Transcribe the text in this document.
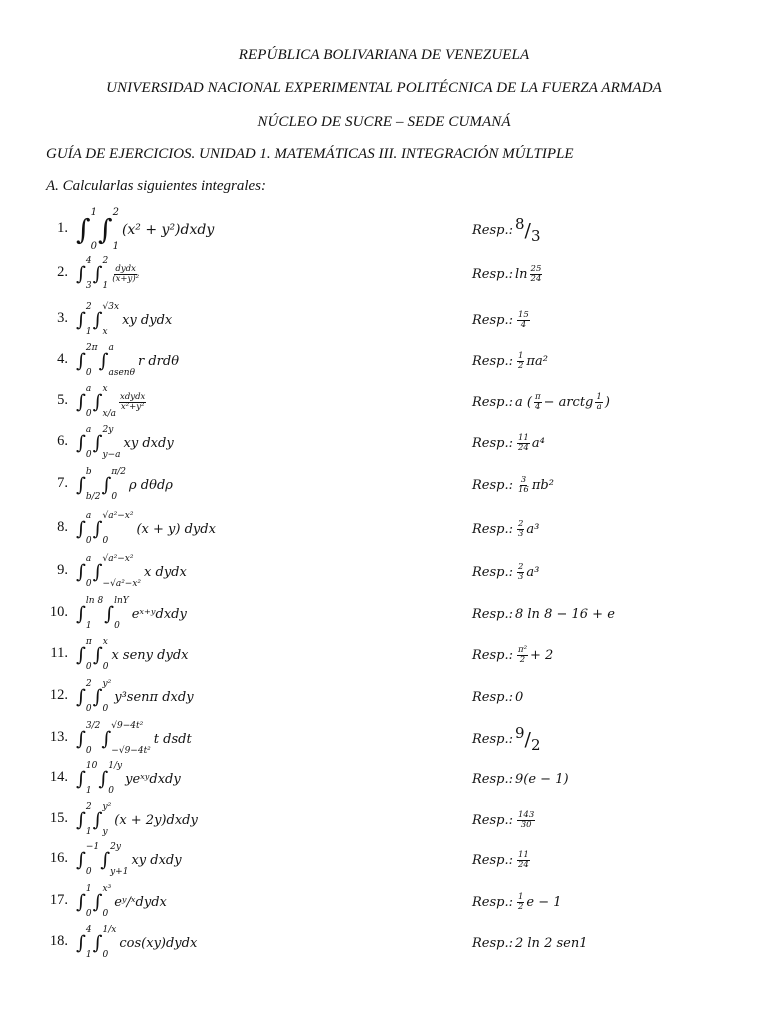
REPÚBLICA BOLIVARIANA DE VENEZUELA
UNIVERSIDAD NACIONAL EXPERIMENTAL POLITÉCNICA DE LA FUERZA ARMADA
NÚCLEO DE SUCRE – SEDE CUMANÁ
GUÍA DE EJERCICIOS. UNIDAD 1. MATEMÁTICAS III. INTEGRACIÓN MÚLTIPLE
A. Calcularlas siguientes integrales:
1. ∫
1
0
∫
2
1
(x² + y²)dxdy	Resp.: $^8/_3$
2. ∫
4
3
∫
2
1
$\frac{\text{dydx}}{\text{(x+y)²}}$	Resp.: $\ln \frac{25}{24}$
3. ∫
2
1
∫
√3x
x
xy dydx	Resp.: $\frac{15}{4}$
4. ∫
2π
0
∫
a
asenθ
r drdθ	Resp.: $\frac{1}{2} \pi a^2$
5. ∫
a
0
∫
x
x/a
$\frac{\text{xdydx}}{\text{x²+y²}}$	Resp.: a ( $\frac{\pi}{4}$ − arctg $\frac{1}{a}$ )
6. ∫
a
0
∫
2y
y−a
xy dxdy	Resp.: $\frac{11}{24} a^4$
7. ∫
b
b/2
∫
π/2
0
ρ dθdρ	Resp.: $\frac{3}{16} \pi b^2$
8. ∫
a
0
∫
√a²−x²
0
(x + y) dydx	Resp.: $\frac{2}{3} a^3$
9. ∫
a
0
∫
√a²−x²
−√a²−x²
x dydx	Resp.: $\frac{2}{3} a^3$
10. ∫
ln 8
1
∫
lnY
0
eˣ⁺ʸdxdy	Resp.: 8 ln 8 − 16 + e
11. ∫
π
0
∫
x
0
x seny dydx	Resp.: $\frac{\text{π²}}{2} + 2$
12. ∫
2
0
∫
y²
0
y³senπ dxdy	Resp.: 0
13. ∫
3/2
0
∫
√9−4t²
−√9−4t²
t dsdt	Resp.: $^9/_2$
14. ∫
10
1
∫
1/y
0
yeˣʸdxdy	Resp.: 9(e − 1)
15. ∫
2
1
∫
y²
y
(x + 2y)dxdy	Resp.: $\frac{143}{30}$
16. ∫
−1
0
∫
2y
y+1
xy dxdy	Resp.: $\frac{11}{24}$
17. ∫
1
0
∫
x³
0
eʸ/ˣdydx	Resp.: $\frac{1}{2}$ e − 1
18. ∫
4
1
∫
1/x
0
cos(xy)dydx	Resp.: 2 ln 2 sen1
